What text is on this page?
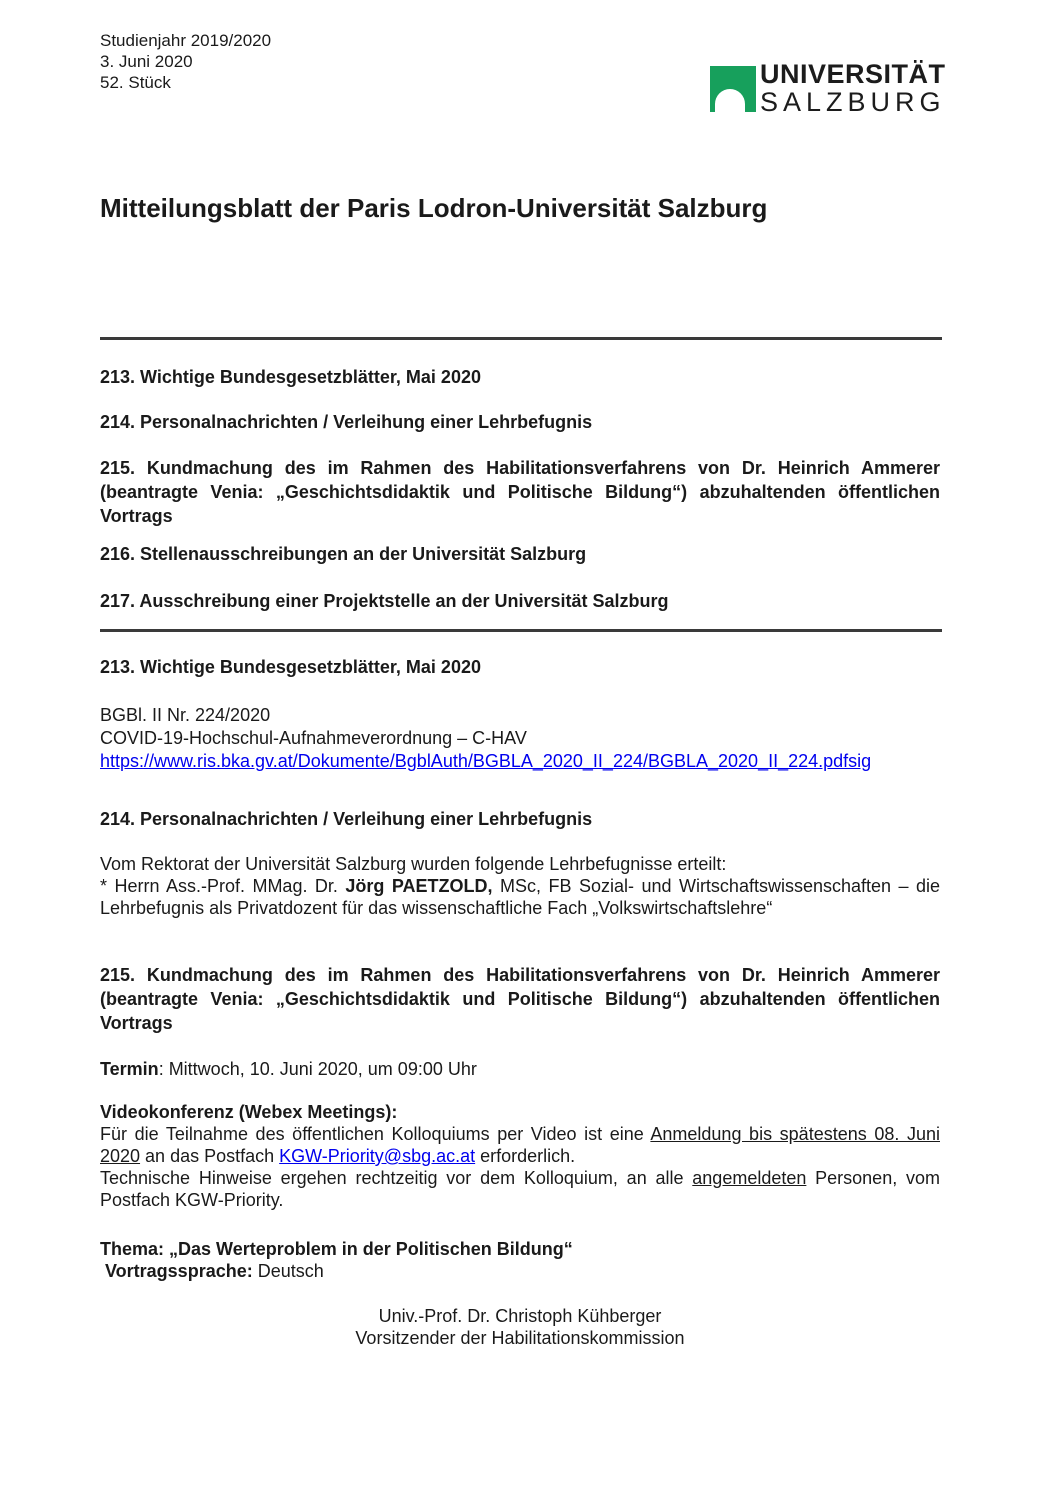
Studienjahr 2019/2020
3. Juni 2020
52. Stück	UNIVERSITÄT
SALZBURG
Mitteilungsblatt der Paris Lodron-Universität Salzburg
213. Wichtige Bundesgesetzblätter, Mai 2020
214. Personalnachrichten / Verleihung einer Lehrbefugnis
215. Kundmachung des im Rahmen des Habilitationsverfahrens von Dr. Heinrich Ammerer (beantragte Venia: „Geschichtsdidaktik und Politische Bildung“) abzuhaltenden öffentlichen Vortrags
216. Stellenausschreibungen an der Universität Salzburg
217. Ausschreibung einer Projektstelle an der Universität Salzburg
213. Wichtige Bundesgesetzblätter, Mai 2020
BGBl. II Nr. 224/2020
COVID-19-Hochschul-Aufnahmeverordnung – C-HAV
https://www.ris.bka.gv.at/Dokumente/BgblAuth/BGBLA_2020_II_224/BGBLA_2020_II_224.pdfsig
214. Personalnachrichten / Verleihung einer Lehrbefugnis
Vom Rektorat der Universität Salzburg wurden folgende Lehrbefugnisse erteilt:
* Herrn Ass.-Prof. MMag. Dr. Jörg PAETZOLD, MSc, FB Sozial- und Wirtschaftswissenschaften – die Lehrbefugnis als Privatdozent für das wissenschaftliche Fach „Volkswirtschaftslehre“
215. Kundmachung des im Rahmen des Habilitationsverfahrens von Dr. Heinrich Ammerer (beantragte Venia: „Geschichtsdidaktik und Politische Bildung“) abzuhaltenden öffentlichen Vortrags
Termin: Mittwoch, 10. Juni 2020, um 09:00 Uhr
Videokonferenz (Webex Meetings):
Für die Teilnahme des öffentlichen Kolloquiums per Video ist eine Anmeldung bis spätestens 08. Juni 2020 an das Postfach KGW-Priority@sbg.ac.at erforderlich.
Technische Hinweise ergehen rechtzeitig vor dem Kolloquium, an alle angemeldeten Personen, vom Postfach KGW-Priority.
Thema: „Das Werteproblem in der Politischen Bildung“
Vortragssprache: Deutsch
Univ.-Prof. Dr. Christoph Kühberger
Vorsitzender der Habilitationskommission
